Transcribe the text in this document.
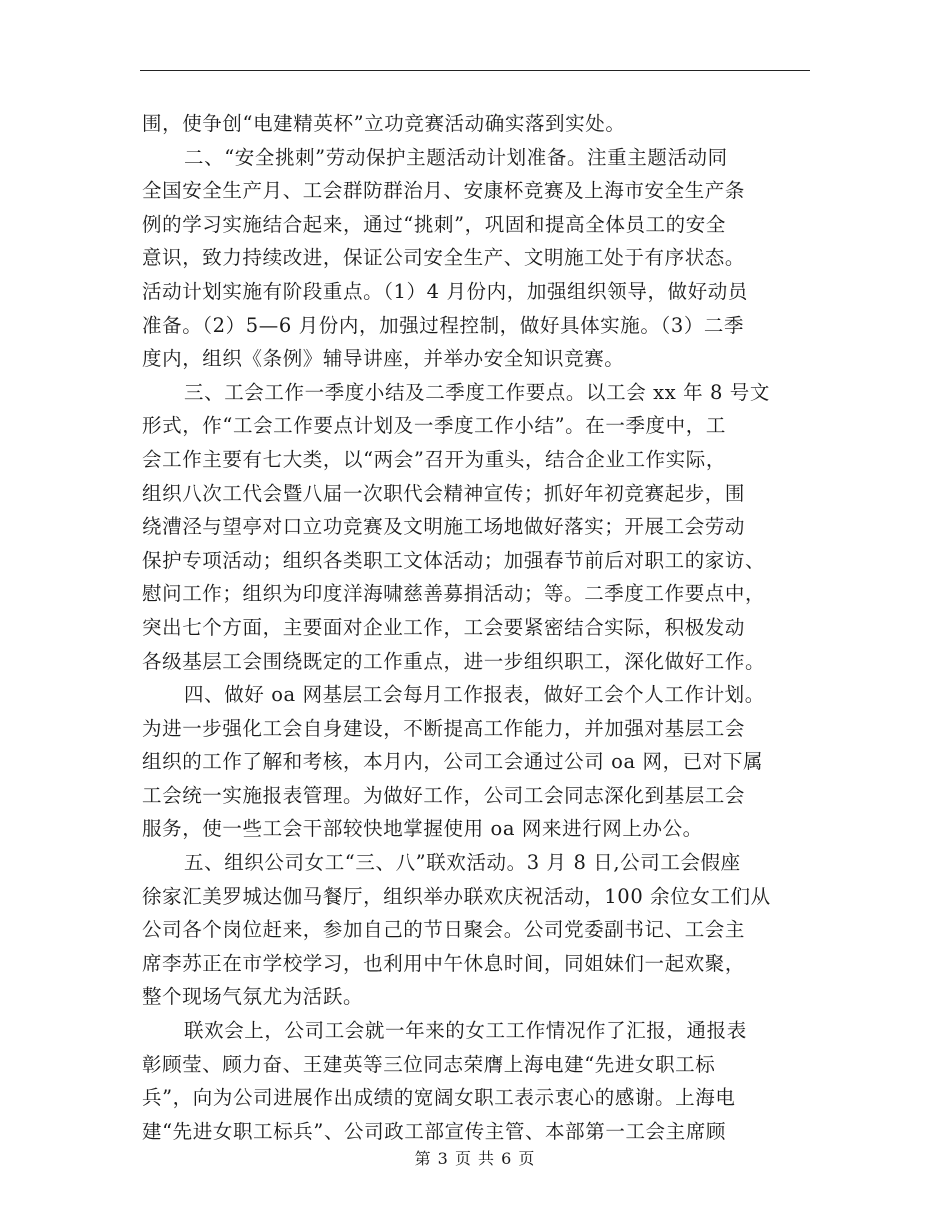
围，使争创“电建精英杯”立功竞赛活动确实落到实处。
二、“安全挑刺”劳动保护主题活动计划准备。注重主题活动同
全国安全生产月、工会群防群治月、安康杯竞赛及上海市安全生产条
例的学习实施结合起来，通过“挑刺”，巩固和提高全体员工的安全
意识，致力持续改进，保证公司安全生产、文明施工处于有序状态。
活动计划实施有阶段重点。（1）4 月份内，加强组织领导，做好动员
准备。（2）5—6 月份内，加强过程控制，做好具体实施。（3）二季
度内，组织《条例》辅导讲座，并举办安全知识竞赛。
三、工会工作一季度小结及二季度工作要点。以工会 xx 年 8 号文
形式，作“工会工作要点计划及一季度工作小结”。在一季度中，工
会工作主要有七大类，以“两会”召开为重头，结合企业工作实际，
组织八次工代会暨八届一次职代会精神宣传；抓好年初竞赛起步，围
绕漕泾与望亭对口立功竞赛及文明施工场地做好落实；开展工会劳动
保护专项活动；组织各类职工文体活动；加强春节前后对职工的家访、
慰问工作；组织为印度洋海啸慈善募捐活动；等。二季度工作要点中，
突出七个方面，主要面对企业工作，工会要紧密结合实际，积极发动
各级基层工会围绕既定的工作重点，进一步组织职工，深化做好工作。
四、做好 oa 网基层工会每月工作报表，做好工会个人工作计划。
为进一步强化工会自身建设，不断提高工作能力，并加强对基层工会
组织的工作了解和考核，本月内，公司工会通过公司 oa 网，已对下属
工会统一实施报表管理。为做好工作，公司工会同志深化到基层工会
服务，使一些工会干部较快地掌握使用 oa 网来进行网上办公。
五、组织公司女工“三、八”联欢活动。3 月 8 日,公司工会假座
徐家汇美罗城达伽马餐厅，组织举办联欢庆祝活动，100 余位女工们从
公司各个岗位赶来，参加自己的节日聚会。公司党委副书记、工会主
席李苏正在市学校学习，也利用中午休息时间，同姐妹们一起欢聚，
整个现场气氛尤为活跃。
联欢会上，公司工会就一年来的女工工作情况作了汇报，通报表
彰顾莹、顾力奋、王建英等三位同志荣膺上海电建“先进女职工标
兵”，向为公司进展作出成绩的宽阔女职工表示衷心的感谢。上海电
建“先进女职工标兵”、公司政工部宣传主管、本部第一工会主席顾
第 3 页 共 6 页
